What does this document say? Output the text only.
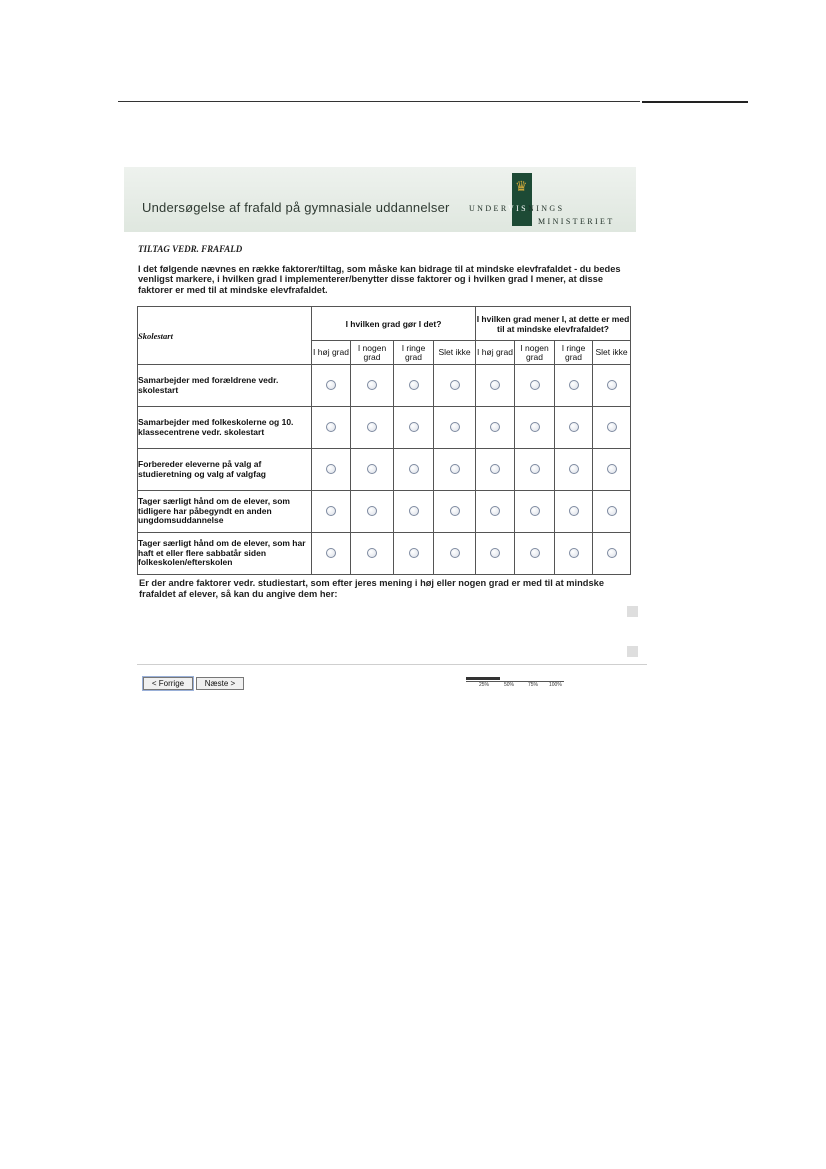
Undersøgelse af frafald på gymnasiale uddannelser
♛
UNDERVISNINGS
MINISTERIET
TILTAG VEDR. FRAFALD
I det følgende nævnes en række faktorer/tiltag, som måske kan bidrage til at mindske elevfrafaldet - du bedes venligst markere, i hvilken grad I implementerer/benytter disse faktorer og i hvilken grad I mener, at disse faktorer er med til at mindske elevfrafaldet.
Skolestart	I hvilken grad gør I det?				I hvilken grad mener I, at dette er med til at mindske elevfrafaldet?			
	I høj grad	I nogen grad	I ringe grad	Slet ikke	I høj grad	I nogen grad	I ringe grad	Slet ikke
Samarbejder med forældrene vedr. skolestart								
Samarbejder med folkeskolerne og 10. klassecentrene vedr. skolestart								
Forbereder eleverne på valg af studieretning og valg af valgfag								
Tager særligt hånd om de elever, som tidligere har påbegyndt en anden ungdomsuddannelse								
Tager særligt hånd om de elever, som har haft et eller flere sabbatår siden folkeskolen/efterskolen								
Er der andre faktorer vedr. studiestart, som efter jeres mening i høj eller nogen grad er med til at mindske frafaldet af elever, så kan du angive dem her:
< Forrige	Næste >	25%	50%	75% 100%
